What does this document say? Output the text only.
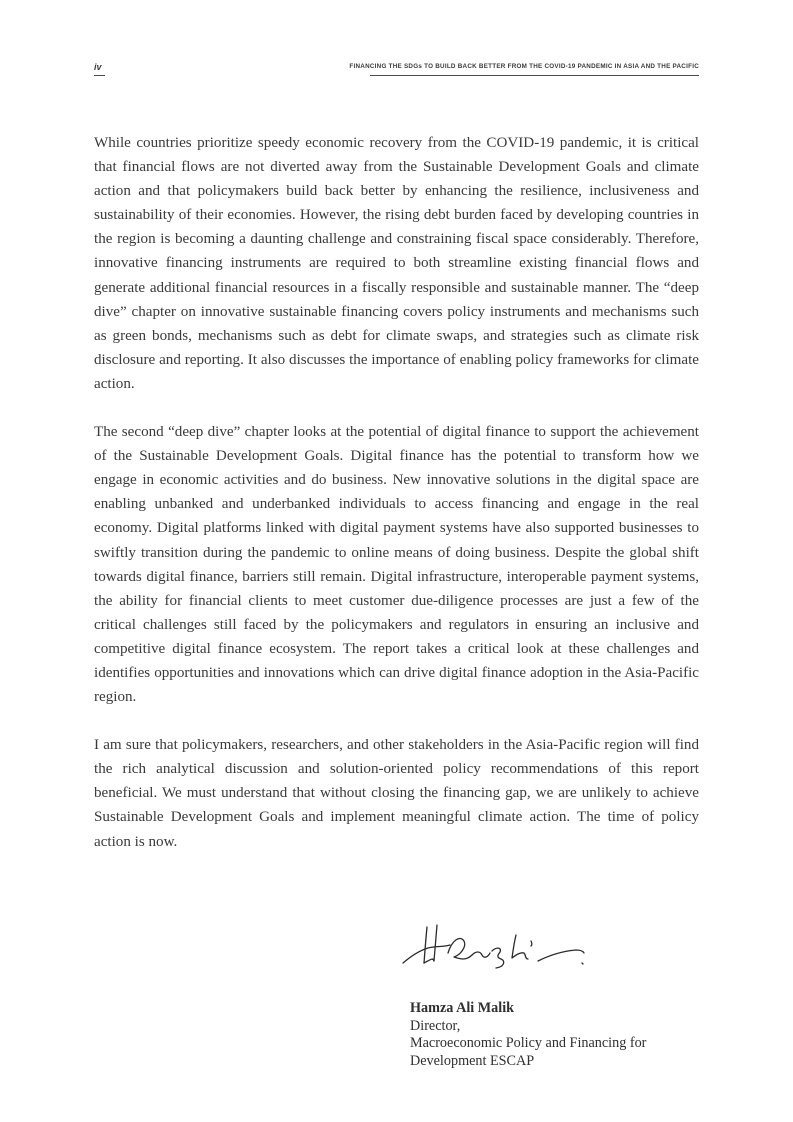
iv	FINANCING THE SDGs TO BUILD BACK BETTER FROM THE COVID-19 PANDEMIC IN ASIA AND THE PACIFIC

While countries prioritize speedy economic recovery from the COVID-19 pandemic, it is critical that financial flows are not diverted away from the Sustainable Development Goals and climate action and that policymakers build back better by enhancing the resilience, inclusiveness and sustainability of their economies. However, the rising debt burden faced by developing countries in the region is becoming a daunting challenge and constraining fiscal space considerably. Therefore, innovative financing instruments are required to both streamline existing financial flows and generate additional financial resources in a fiscally responsible and sustainable manner. The “deep dive” chapter on innovative sustainable financing covers policy instruments and mechanisms such as green bonds, mechanisms such as debt for climate swaps, and strategies such as climate risk disclosure and reporting. It also discusses the importance of enabling policy frameworks for climate action.

The second “deep dive” chapter looks at the potential of digital finance to support the achievement of the Sustainable Development Goals. Digital finance has the potential to transform how we engage in economic activities and do business. New innovative solutions in the digital space are enabling unbanked and underbanked individuals to access financing and engage in the real economy. Digital platforms linked with digital payment systems have also supported businesses to swiftly transition during the pandemic to online means of doing business. Despite the global shift towards digital finance, barriers still remain. Digital infrastructure, interoperable payment systems, the ability for financial clients to meet customer due-diligence processes are just a few of the critical challenges still faced by the policymakers and regulators in ensuring an inclusive and competitive digital finance ecosystem. The report takes a critical look at these challenges and identifies opportunities and innovations which can drive digital finance adoption in the Asia-Pacific region.

I am sure that policymakers, researchers, and other stakeholders in the Asia-Pacific region will find the rich analytical discussion and solution-oriented policy recommendations of this report beneficial. We must understand that without closing the financing gap, we are unlikely to achieve Sustainable Development Goals and implement meaningful climate action. The time of policy action is now.

Hamza Ali Malik
Director,
Macroeconomic Policy and Financing for
Development ESCAP
